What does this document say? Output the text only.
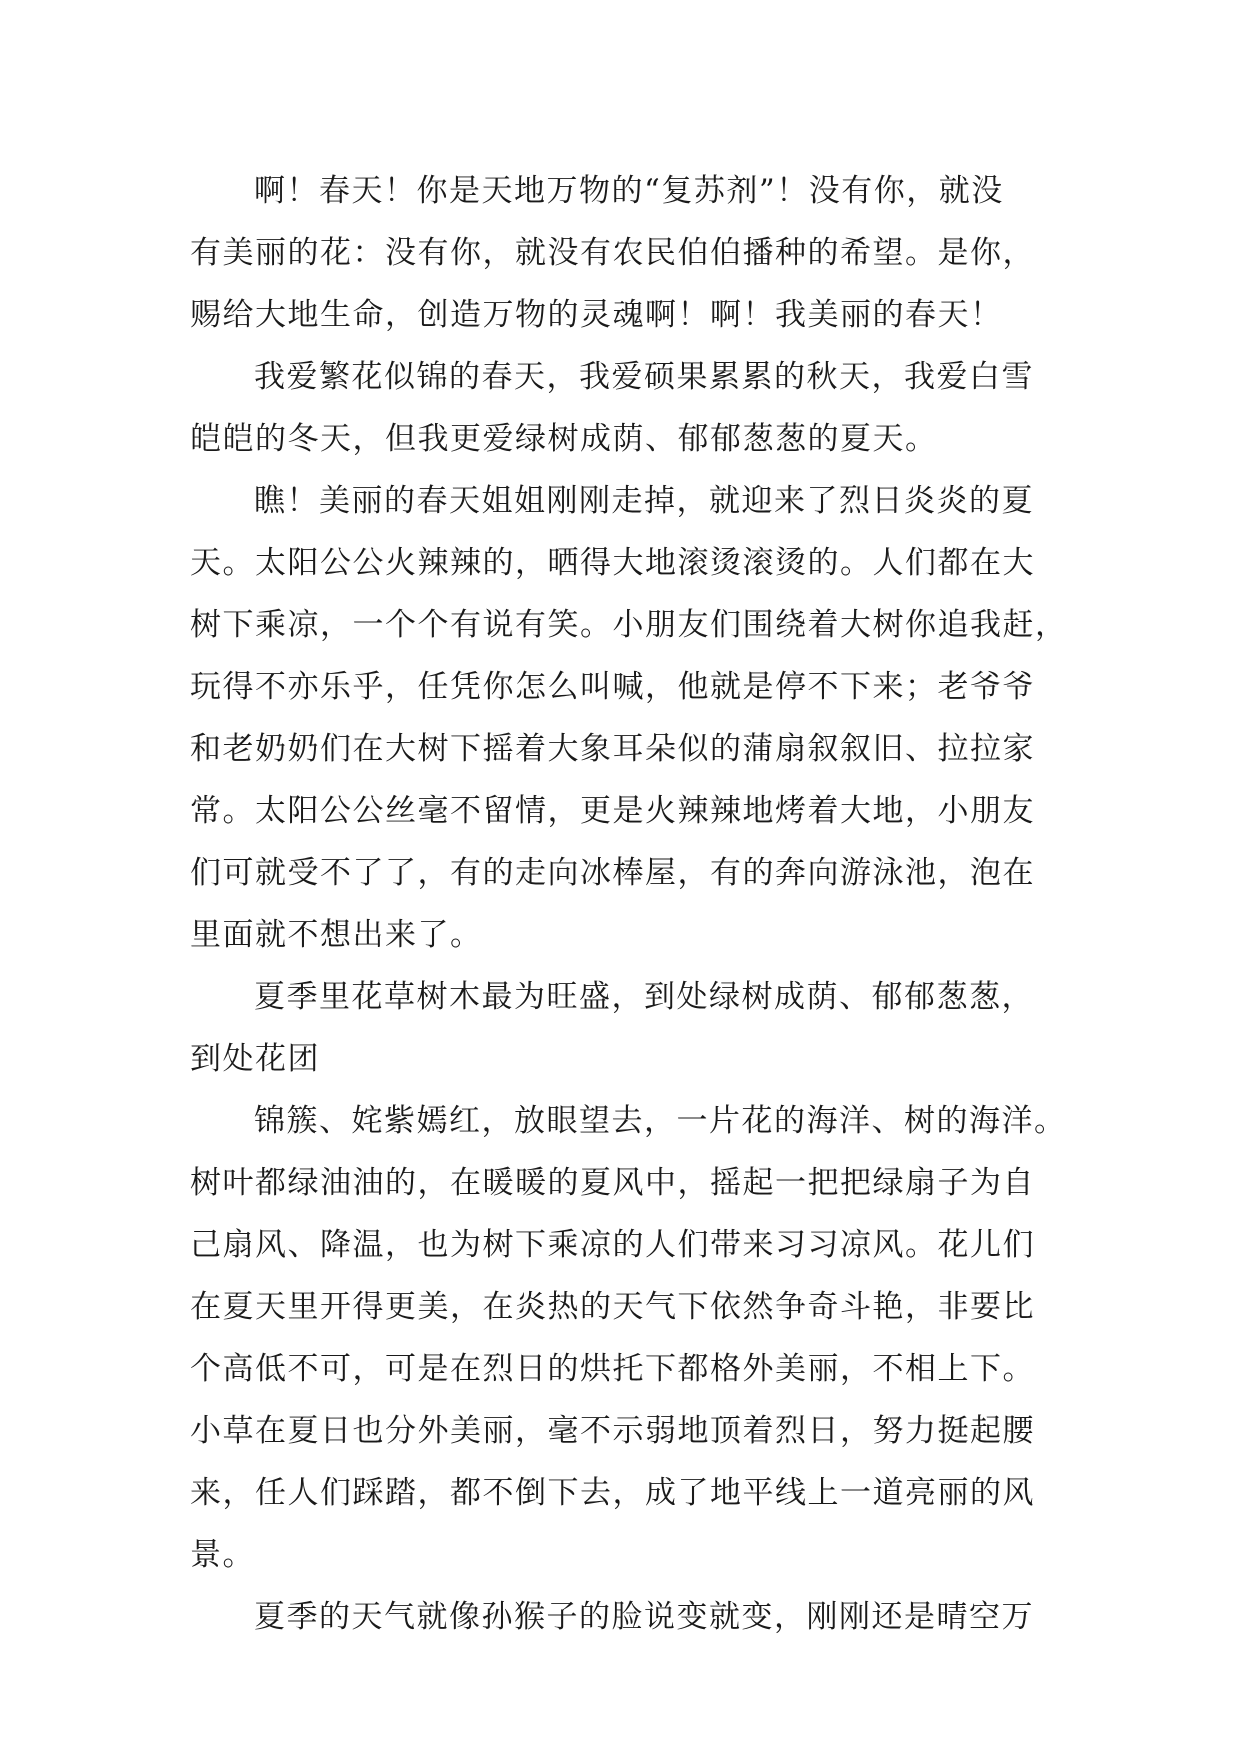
啊！春天！你是天地万物的“复苏剂”！没有你，就没
有美丽的花：没有你，就没有农民伯伯播种的希望。是你，
赐给大地生命，创造万物的灵魂啊！啊！我美丽的春天！
我爱繁花似锦的春天，我爱硕果累累的秋天，我爱白雪
皑皑的冬天，但我更爱绿树成荫、郁郁葱葱的夏天。
瞧！美丽的春天姐姐刚刚走掉，就迎来了烈日炎炎的夏
天。太阳公公火辣辣的，晒得大地滚烫滚烫的。人们都在大
树下乘凉，一个个有说有笑。小朋友们围绕着大树你追我赶，
玩得不亦乐乎，任凭你怎么叫喊，他就是停不下来；老爷爷
和老奶奶们在大树下摇着大象耳朵似的蒲扇叙叙旧、拉拉家
常。太阳公公丝毫不留情，更是火辣辣地烤着大地，小朋友
们可就受不了了，有的走向冰棒屋，有的奔向游泳池，泡在
里面就不想出来了。
夏季里花草树木最为旺盛，到处绿树成荫、郁郁葱葱，
到处花团
锦簇、姹紫嫣红，放眼望去，一片花的海洋、树的海洋。
树叶都绿油油的，在暖暖的夏风中，摇起一把把绿扇子为自
己扇风、降温，也为树下乘凉的人们带来习习凉风。花儿们
在夏天里开得更美，在炎热的天气下依然争奇斗艳，非要比
个高低不可，可是在烈日的烘托下都格外美丽，不相上下。
小草在夏日也分外美丽，毫不示弱地顶着烈日，努力挺起腰
来，任人们踩踏，都不倒下去，成了地平线上一道亮丽的风
景。
夏季的天气就像孙猴子的脸说变就变，刚刚还是晴空万
